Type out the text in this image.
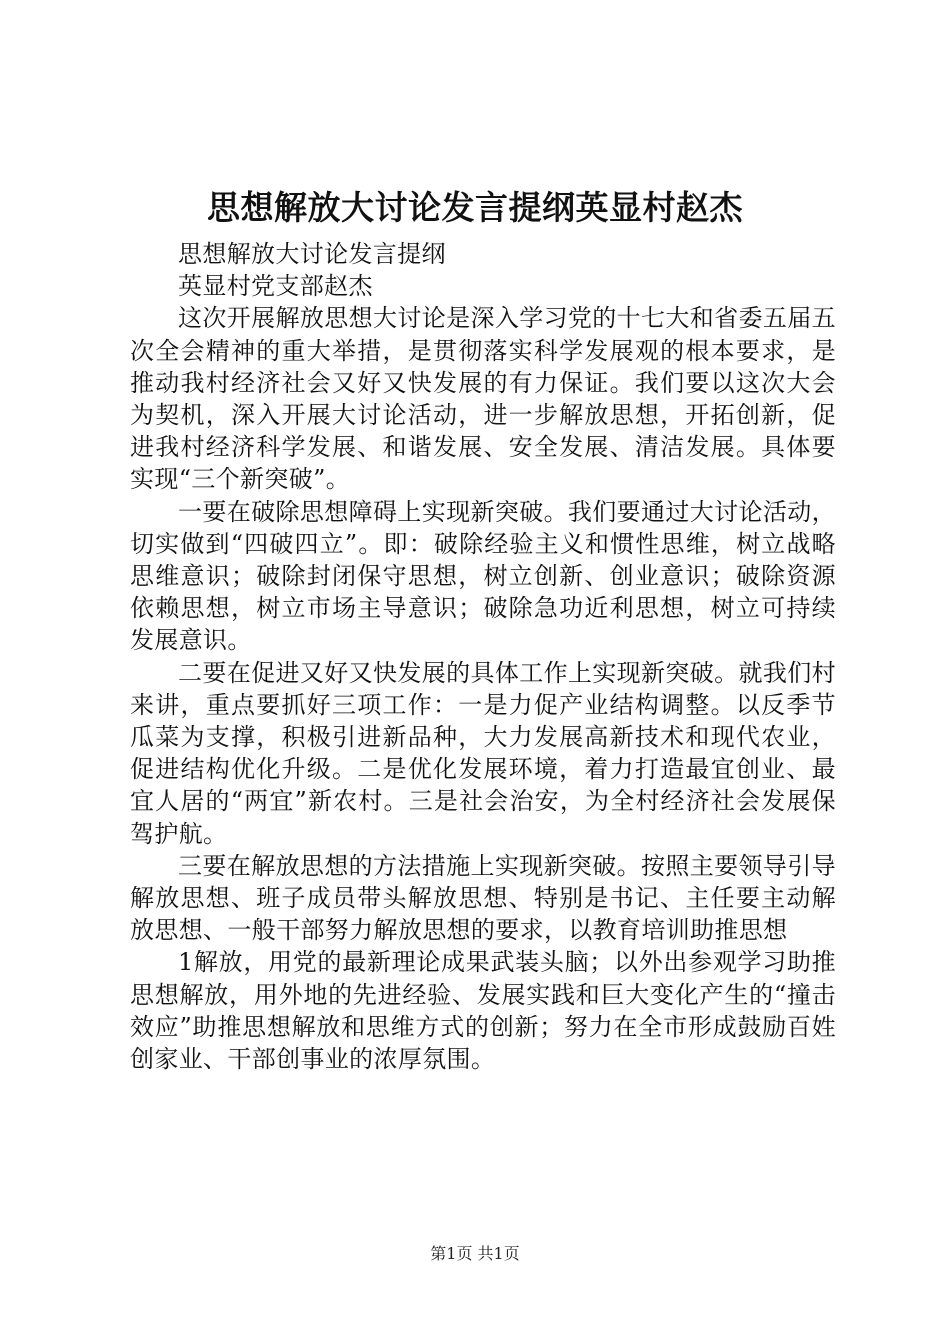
思想解放大讨论发言提纲英显村赵杰

思想解放大讨论发言提纲

英显村党支部赵杰

这次开展解放思想大讨论是深入学习党的十七大和省委五届五次全会精神的重大举措，是贯彻落实科学发展观的根本要求，是推动我村经济社会又好又快发展的有力保证。我们要以这次大会为契机，深入开展大讨论活动，进一步解放思想，开拓创新，促进我村经济科学发展、和谐发展、安全发展、清洁发展。具体要实现“三个新突破”。

一要在破除思想障碍上实现新突破。我们要通过大讨论活动，切实做到“四破四立”。即：破除经验主义和惯性思维，树立战略思维意识；破除封闭保守思想，树立创新、创业意识；破除资源依赖思想，树立市场主导意识；破除急功近利思想，树立可持续发展意识。

二要在促进又好又快发展的具体工作上实现新突破。就我们村来讲，重点要抓好三项工作：一是力促产业结构调整。以反季节瓜菜为支撑，积极引进新品种，大力发展高新技术和现代农业，促进结构优化升级。二是优化发展环境，着力打造最宜创业、最宜人居的“两宜”新农村。三是社会治安，为全村经济社会发展保驾护航。

三要在解放思想的方法措施上实现新突破。按照主要领导引导解放思想、班子成员带头解放思想、特别是书记、主任要主动解放思想、一般干部努力解放思想的要求，以教育培训助推思想

1解放，用党的最新理论成果武装头脑；以外出参观学习助推思想解放，用外地的先进经验、发展实践和巨大变化产生的“撞击效应”助推思想解放和思维方式的创新；努力在全市形成鼓励百姓创家业、干部创事业的浓厚氛围。

第1页 共1页
